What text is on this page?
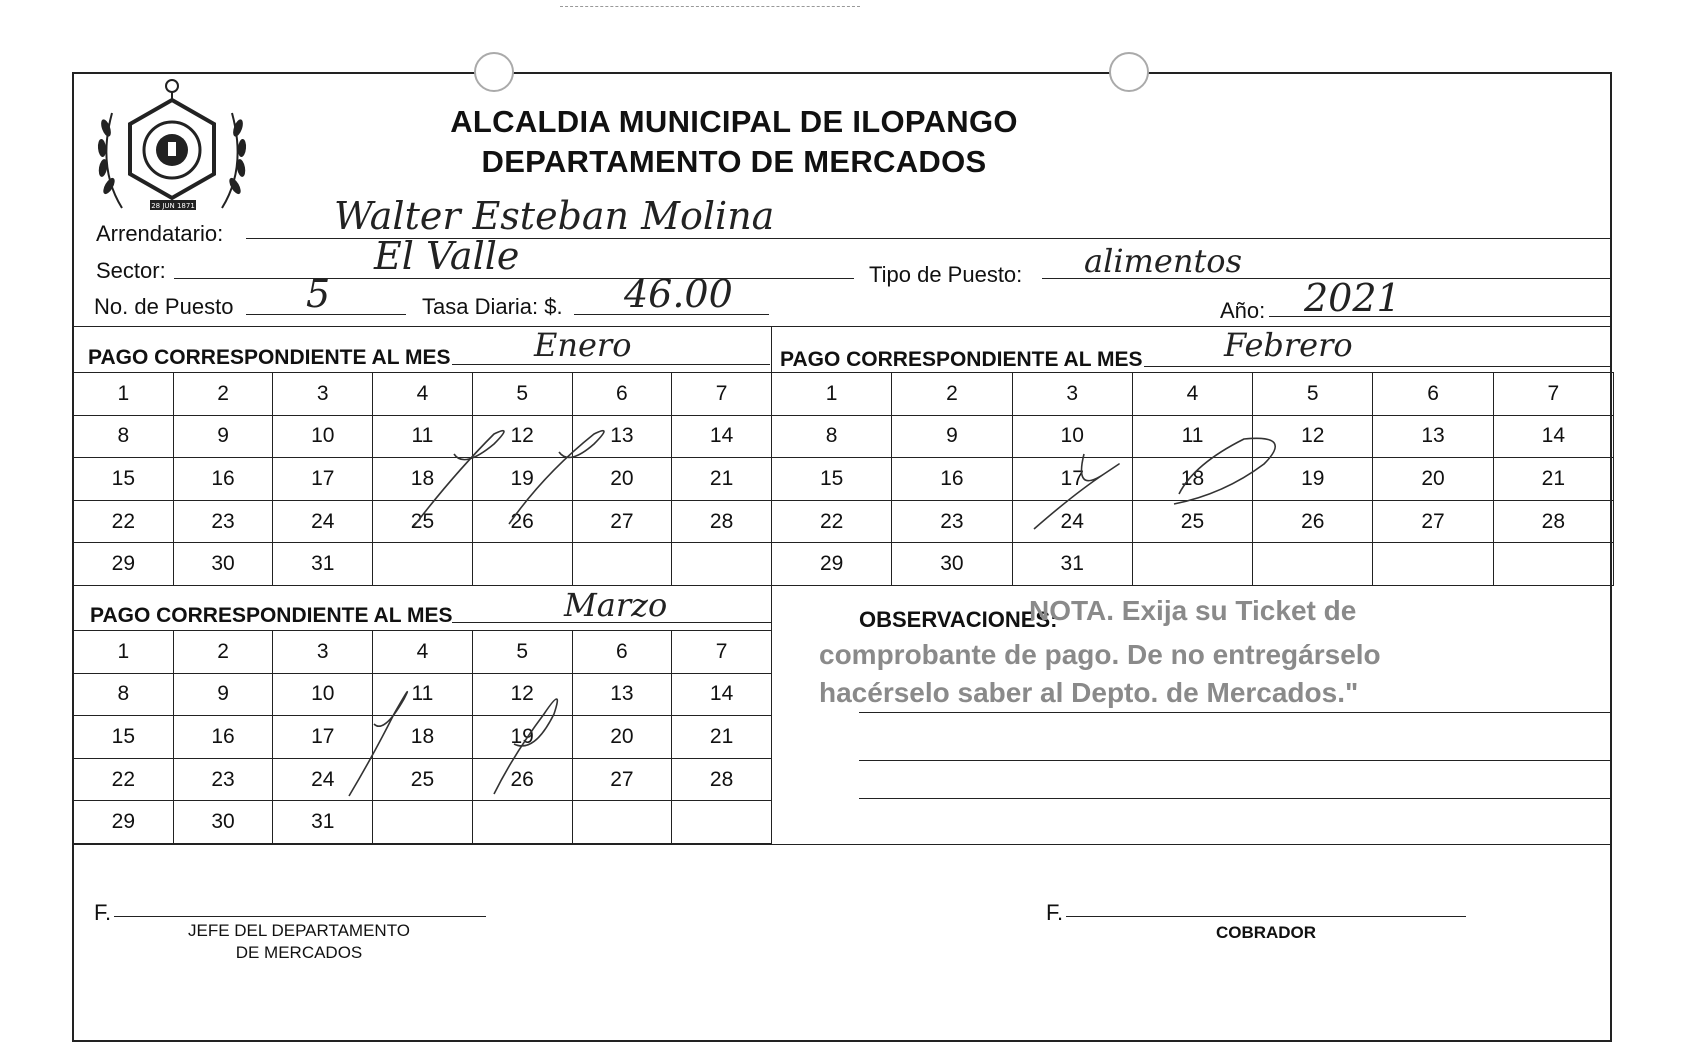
28 JUN 1871
ALCALDIA MUNICIPAL DE ILOPANGO
DEPARTAMENTO DE MERCADOS
Arrendatario:	Walter Esteban Molina
Sector:	El Valle	Tipo de Puesto: alimentos
No. de Puesto 5	Tasa Diaria: $. 46.00	Año: 2021
PAGO CORRESPONDIENTE AL MES	Enero
1	2	3	4	5	6	7
8	9	10	11	12	13	14
15	16	17	18	19	20	21
22	23	24	25	26	27	28
29	30	31				
PAGO CORRESPONDIENTE AL MES	Febrero
1	2	3	4	5	6	7
8	9	10	11	12	13	14
15	16	17	18	19	20	21
22	23	24	25	26	27	28
29	30	31				
PAGO CORRESPONDIENTE AL MES	Marzo
1	2	3	4	5	6	7
8	9	10	11	12	13	14
15	16	17	18	19	20	21
22	23	24	25	26	27	28
29	30	31				
OBSERVACIONES:
NOTA. Exija su Ticket de
comprobante de pago. De no entregárselo
hacérselo saber al Depto. de Mercados."
F.
JEFE DEL DEPARTAMENTO
DE MERCADOS
F.
COBRADOR
